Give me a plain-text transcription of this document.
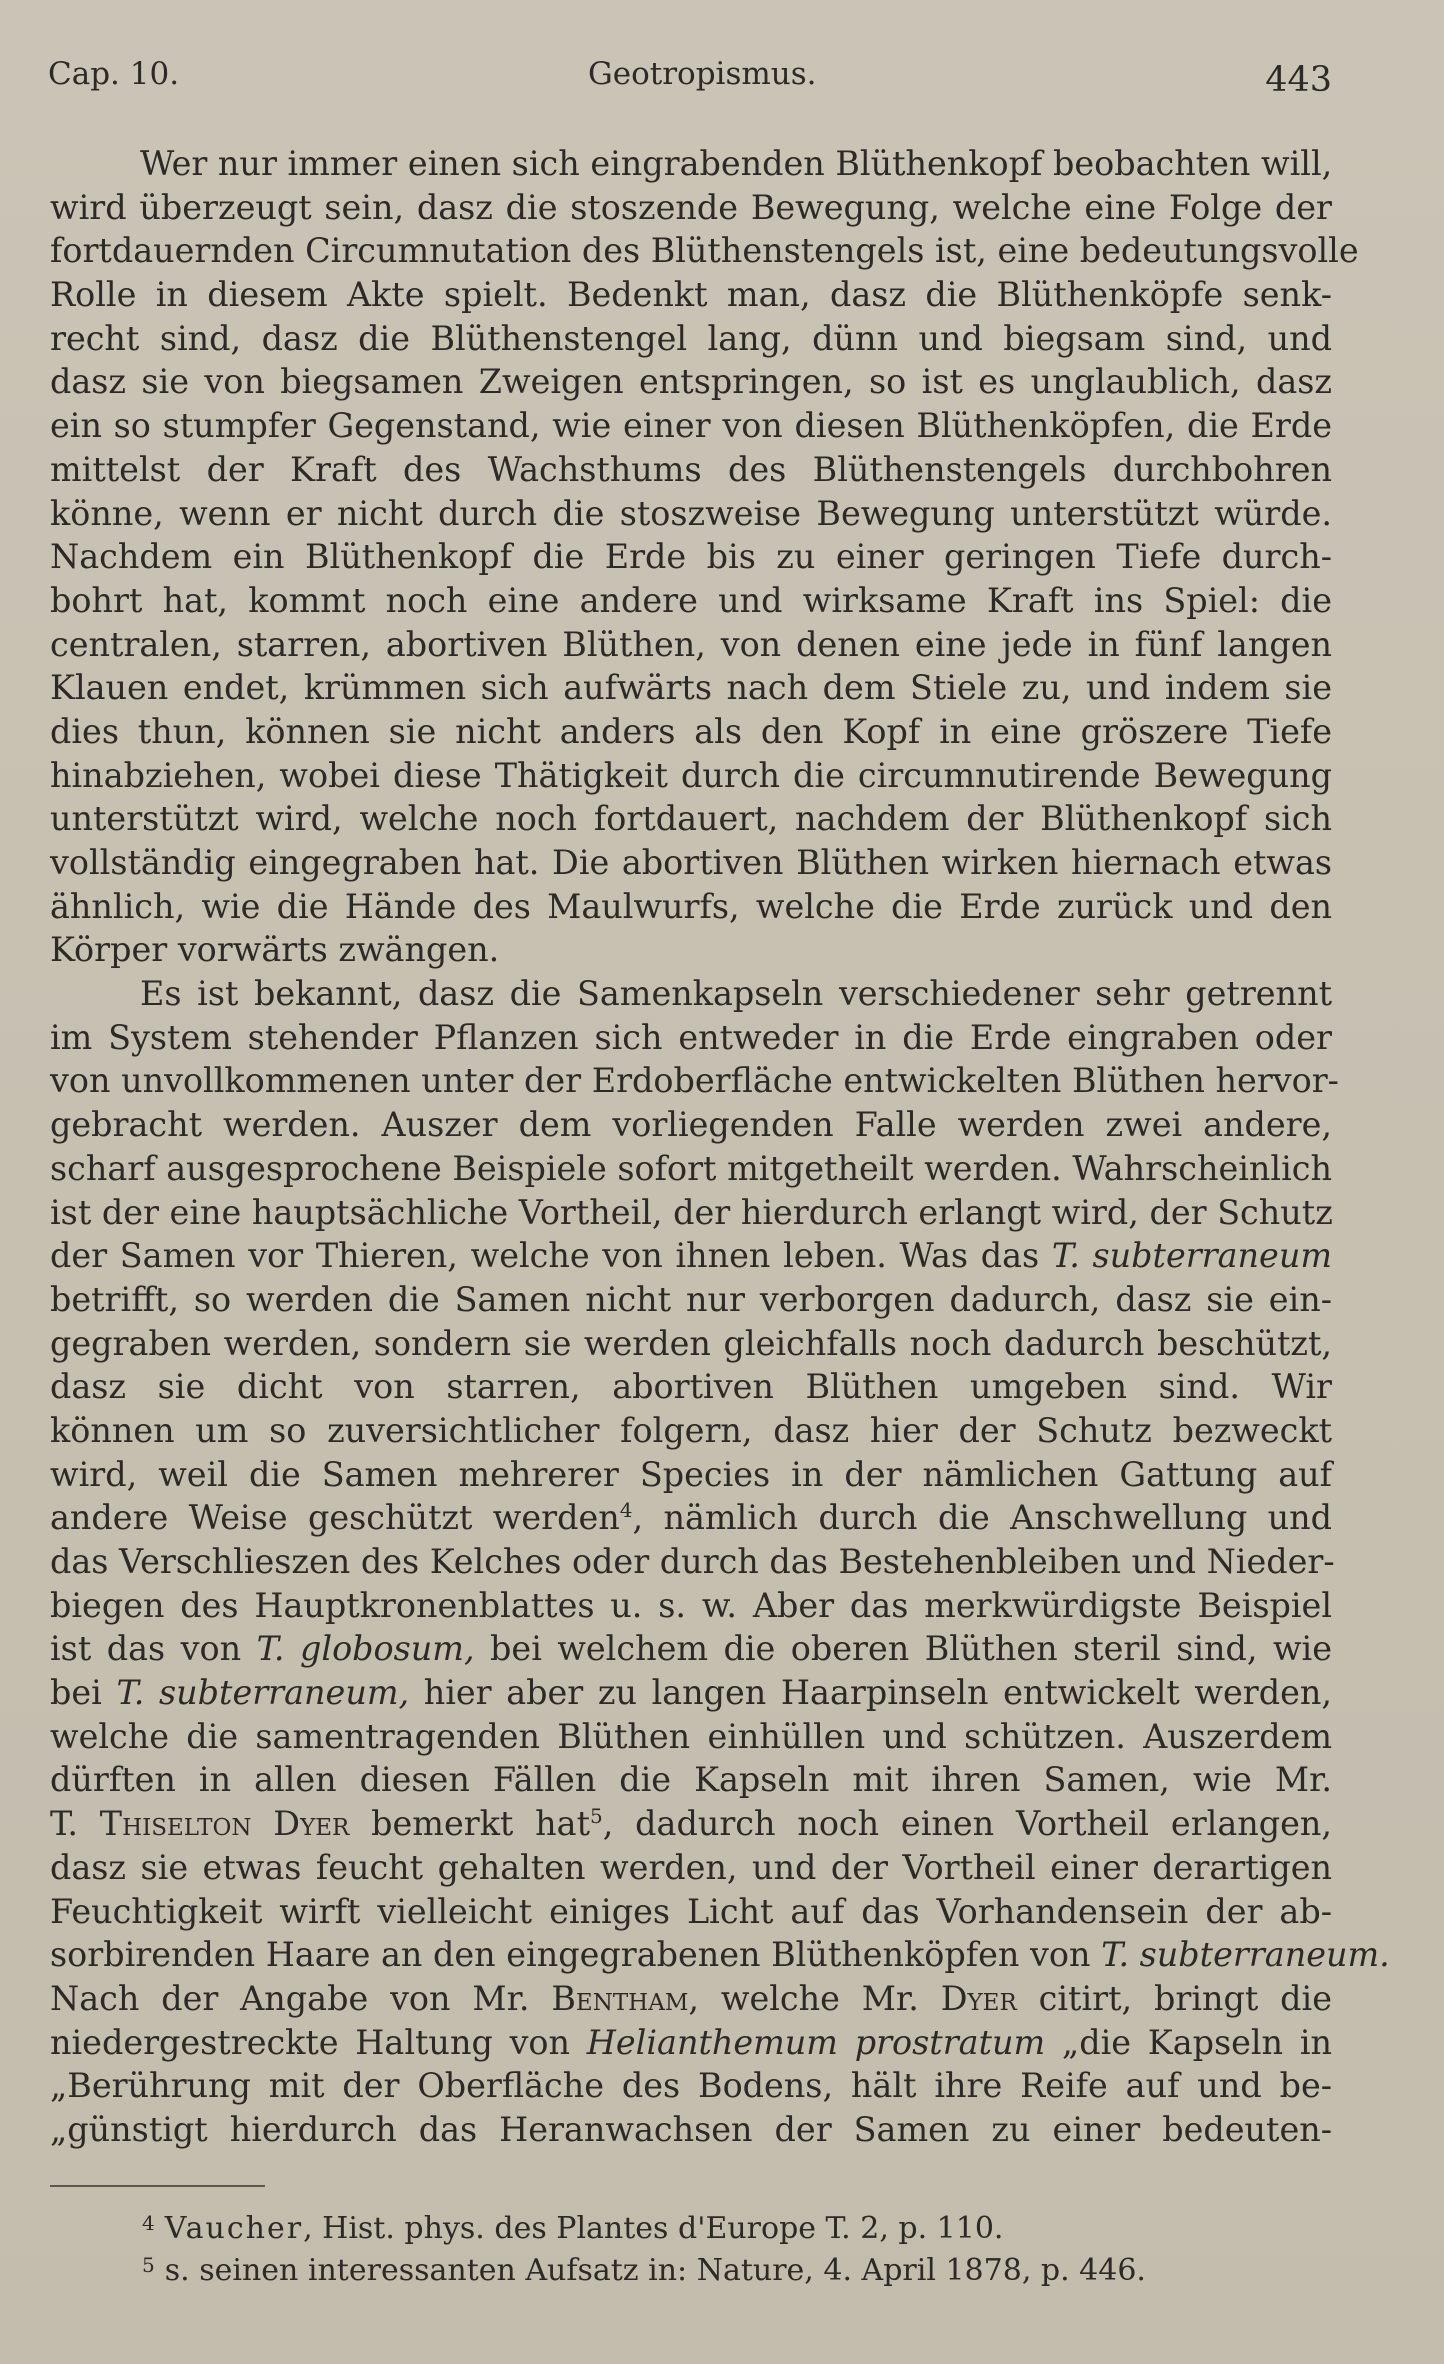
Cap. 10.	Geotropismus.	443
Wer nur immer einen sich eingrabenden Blüthenkopf beobachten will,
wird überzeugt sein, dasz die stoszende Bewegung, welche eine Folge der
fortdauernden Circumnutation des Blüthenstengels ist, eine bedeutungsvolle
Rolle in diesem Akte spielt. Bedenkt man, dasz die Blüthenköpfe senk-
recht sind, dasz die Blüthenstengel lang, dünn und biegsam sind, und
dasz sie von biegsamen Zweigen entspringen, so ist es unglaublich, dasz
ein so stumpfer Gegenstand, wie einer von diesen Blüthenköpfen, die Erde
mittelst der Kraft des Wachsthums des Blüthenstengels durchbohren
könne, wenn er nicht durch die stoszweise Bewegung unterstützt würde.
Nachdem ein Blüthenkopf die Erde bis zu einer geringen Tiefe durch-
bohrt hat, kommt noch eine andere und wirksame Kraft ins Spiel: die
centralen, starren, abortiven Blüthen, von denen eine jede in fünf langen
Klauen endet, krümmen sich aufwärts nach dem Stiele zu, und indem sie
dies thun, können sie nicht anders als den Kopf in eine gröszere Tiefe
hinabziehen, wobei diese Thätigkeit durch die circumnutirende Bewegung
unterstützt wird, welche noch fortdauert, nachdem der Blüthenkopf sich
vollständig eingegraben hat. Die abortiven Blüthen wirken hiernach etwas
ähnlich, wie die Hände des Maulwurfs, welche die Erde zurück und den
Körper vorwärts zwängen.
Es ist bekannt, dasz die Samenkapseln verschiedener sehr getrennt
im System stehender Pflanzen sich entweder in die Erde eingraben oder
von unvollkommenen unter der Erdoberfläche entwickelten Blüthen hervor-
gebracht werden. Auszer dem vorliegenden Falle werden zwei andere,
scharf ausgesprochene Beispiele sofort mitgetheilt werden. Wahrscheinlich
ist der eine hauptsächliche Vortheil, der hierdurch erlangt wird, der Schutz
der Samen vor Thieren, welche von ihnen leben. Was das T. subterraneum
betrifft, so werden die Samen nicht nur verborgen dadurch, dasz sie ein-
gegraben werden, sondern sie werden gleichfalls noch dadurch beschützt,
dasz sie dicht von starren, abortiven Blüthen umgeben sind. Wir
können um so zuversichtlicher folgern, dasz hier der Schutz bezweckt
wird, weil die Samen mehrerer Species in der nämlichen Gattung auf
andere Weise geschützt werden$^4$, nämlich durch die Anschwellung und
das Verschlieszen des Kelches oder durch das Bestehenbleiben und Nieder-
biegen des Hauptkronenblattes u. s. w. Aber das merkwürdigste Beispiel
ist das von T. globosum, bei welchem die oberen Blüthen steril sind, wie
bei T. subterraneum, hier aber zu langen Haarpinseln entwickelt werden,
welche die samentragenden Blüthen einhüllen und schützen. Auszerdem
dürften in allen diesen Fällen die Kapseln mit ihren Samen, wie Mr.
T. Thiselton Dyer bemerkt hat$^5$, dadurch noch einen Vortheil erlangen,
dasz sie etwas feucht gehalten werden, und der Vortheil einer derartigen
Feuchtigkeit wirft vielleicht einiges Licht auf das Vorhandensein der ab-
sorbirenden Haare an den eingegrabenen Blüthenköpfen von T. subterraneum.
Nach der Angabe von Mr. Bentham, welche Mr. Dyer citirt, bringt die
niedergestreckte Haltung von Helianthemum prostratum „die Kapseln in
„Berührung mit der Oberfläche des Bodens, hält ihre Reife auf und be-
„günstigt hierdurch das Heranwachsen der Samen zu einer bedeuten-
$^4$ Vaucher, Hist. phys. des Plantes d'Europe T. 2, p. 110.
$^5$ s. seinen interessanten Aufsatz in: Nature, 4. April 1878, p. 446.
